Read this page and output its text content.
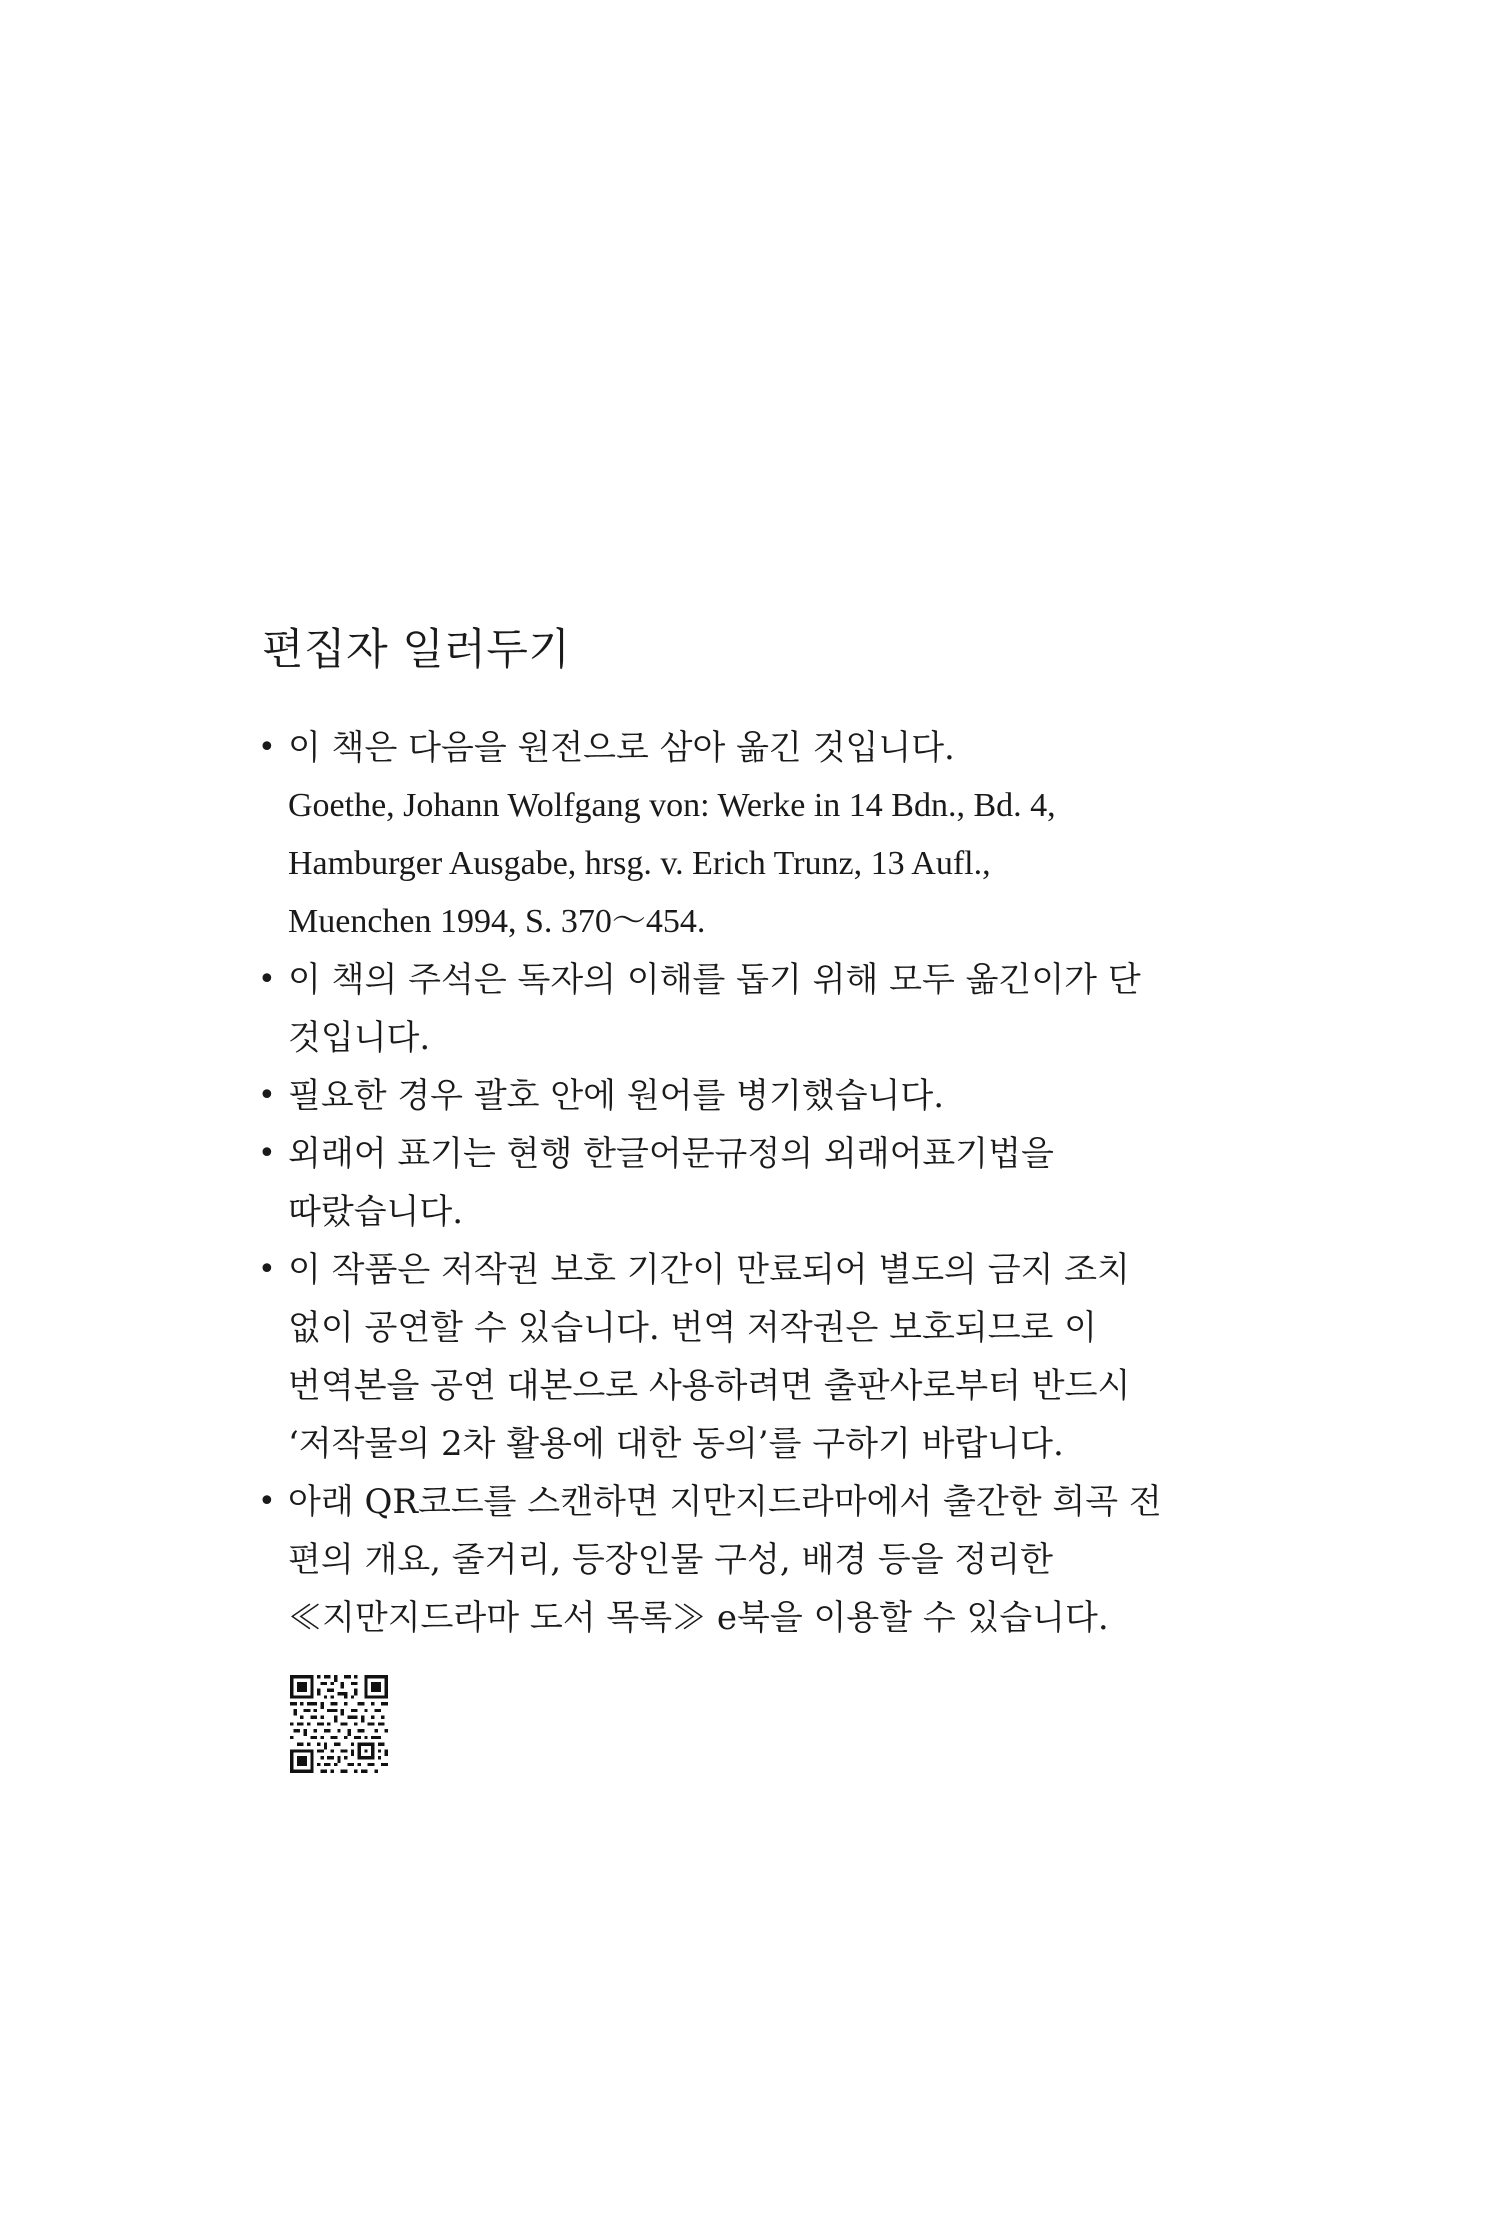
편집자 일러두기
• 이 책은 다음을 원전으로 삼아 옮긴 것입니다.
Goethe, Johann Wolfgang von: Werke in 14 Bdn., Bd. 4,
Hamburger Ausgabe, hrsg. v. Erich Trunz, 13 Aufl.,
Muenchen 1994, S. 370～454.
• 이 책의 주석은 독자의 이해를 돕기 위해 모두 옮긴이가 단
것입니다.
• 필요한 경우 괄호 안에 원어를 병기했습니다.
• 외래어 표기는 현행 한글어문규정의 외래어표기법을
따랐습니다.
• 이 작품은 저작권 보호 기간이 만료되어 별도의 금지 조치
없이 공연할 수 있습니다. 번역 저작권은 보호되므로 이
번역본을 공연 대본으로 사용하려면 출판사로부터 반드시
‘저작물의 2차 활용에 대한 동의’를 구하기 바랍니다.
• 아래 QR코드를 스캔하면 지만지드라마에서 출간한 희곡 전
편의 개요, 줄거리, 등장인물 구성, 배경 등을 정리한
≪지만지드라마 도서 목록≫ e북을 이용할 수 있습니다.
